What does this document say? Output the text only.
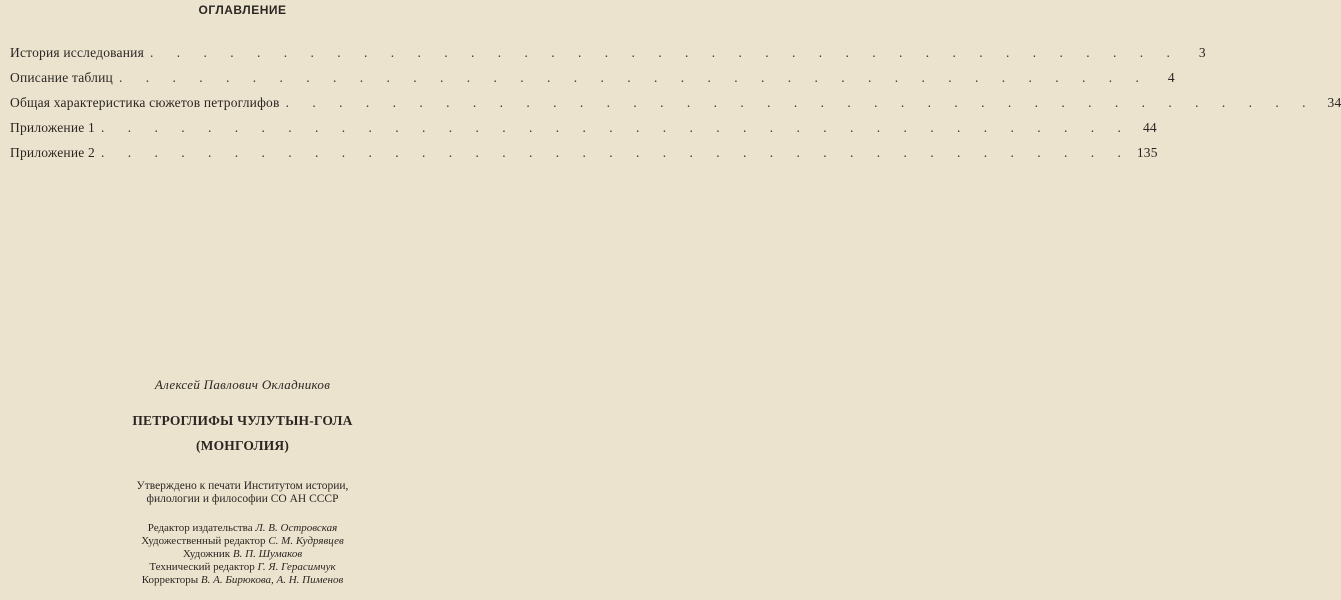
ОГЛАВЛЕНИЕ
История исследования . . . . . . . . . . . . . . . . . . . . . . . . . . . . . . . . . . . . . . .	3
Описание таблиц . . . . . . . . . . . . . . . . . . . . . . . . . . . . . . . . . . . . . . .	4
Общая характеристика сюжетов петроглифов . . . . . . . . . . . . . . . . . . . . . . . . . . . . . . . . . . . . . . . 34
Приложение 1 . . . . . . . . . . . . . . . . . . . . . . . . . . . . . . . . . . . . . . . 44
Приложение 2 . . . . . . . . . . . . . . . . . . . . . . . . . . . . . . . . . . . . . . . 135
Алексей Павлович Окладников
ПЕТРОГЛИФЫ ЧУЛУТЫН-ГОЛА
(МОНГОЛИЯ)
Утверждено к печати Институтом истории,
филологии и философии СО АН СССР
Редактор издательства Л. В. Островская
Художественный редактор С. М. Кудрявцев
Художник В. П. Шумаков
Технический редактор Г. Я. Герасимчук
Корректоры В. А. Бирюкова, А. Н. Пименов
